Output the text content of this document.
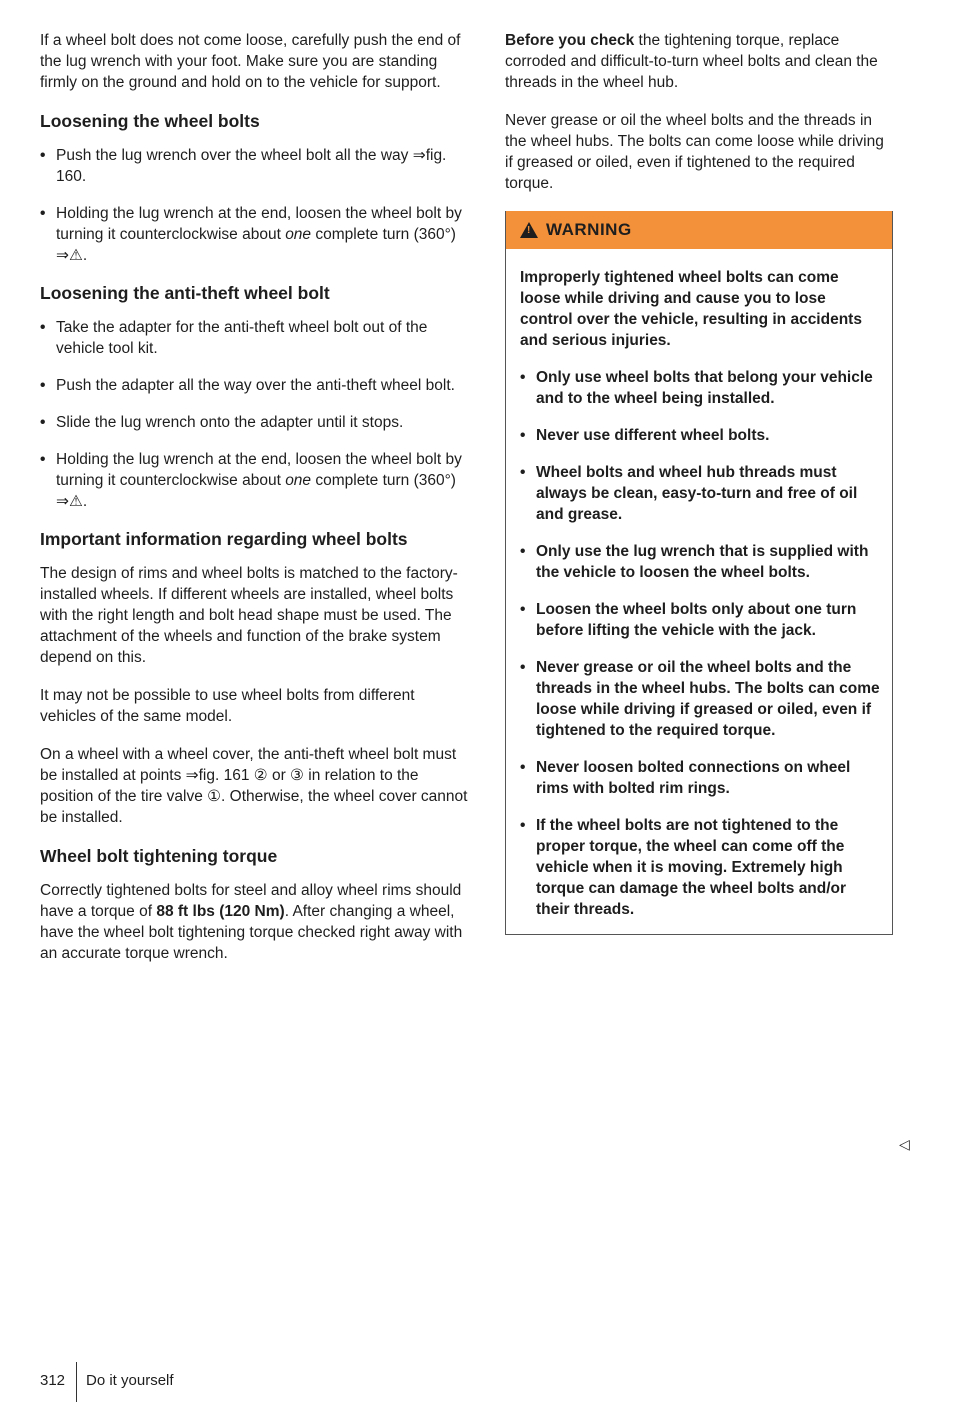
If a wheel bolt does not come loose, carefully push the end of the lug wrench with your foot. Make sure you are standing firmly on the ground and hold on to the vehicle for support.

Loosening the wheel bolts
• Push the lug wrench over the wheel bolt all the way ⇒fig. 160.
• Holding the lug wrench at the end, loosen the wheel bolt by turning it counterclockwise about one complete turn (360°) ⇒⚠.
Loosening the anti-theft wheel bolt
• Take the adapter for the anti-theft wheel bolt out of the vehicle tool kit.
• Push the adapter all the way over the anti-theft wheel bolt.
• Slide the lug wrench onto the adapter until it stops.
• Holding the lug wrench at the end, loosen the wheel bolt by turning it counterclockwise about one complete turn (360°) ⇒⚠.
Important information regarding wheel bolts

The design of rims and wheel bolts is matched to the factory-installed wheels. If different wheels are installed, wheel bolts with the right length and bolt head shape must be used. The attachment of the wheels and function of the brake system depend on this.

It may not be possible to use wheel bolts from different vehicles of the same model.

On a wheel with a wheel cover, the anti-theft wheel bolt must be installed at points ⇒fig. 161 ② or ③ in relation to the position of the tire valve ①. Otherwise, the wheel cover cannot be installed.

Wheel bolt tightening torque

Correctly tightened bolts for steel and alloy wheel rims should have a torque of 88 ft lbs (120 Nm). After changing a wheel, have the wheel bolt tightening torque checked right away with an accurate torque wrench.

Before you check the tightening torque, replace corroded and difficult-to-turn wheel bolts and clean the threads in the wheel hub.

Never grease or oil the wheel bolts and the threads in the wheel hubs. The bolts can come loose while driving if greased or oiled, even if tightened to the required torque.

! WARNING

Improperly tightened wheel bolts can come loose while driving and cause you to lose control over the vehicle, resulting in accidents and serious injuries.

• Only use wheel bolts that belong your vehicle and to the wheel being installed.
• Never use different wheel bolts.
• Wheel bolts and wheel hub threads must always be clean, easy-to-turn and free of oil and grease.
• Only use the lug wrench that is supplied with the vehicle to loosen the wheel bolts.
• Loosen the wheel bolts only about one turn before lifting the vehicle with the jack.
• Never grease or oil the wheel bolts and the threads in the wheel hubs. The bolts can come loose while driving if greased or oiled, even if tightened to the required torque.
• Never loosen bolted connections on wheel rims with bolted rim rings.
• If the wheel bolts are not tightened to the proper torque, the wheel can come off the vehicle when it is moving. Extremely high torque can damage the wheel bolts and/or their threads.
◁
312 Do it yourself
